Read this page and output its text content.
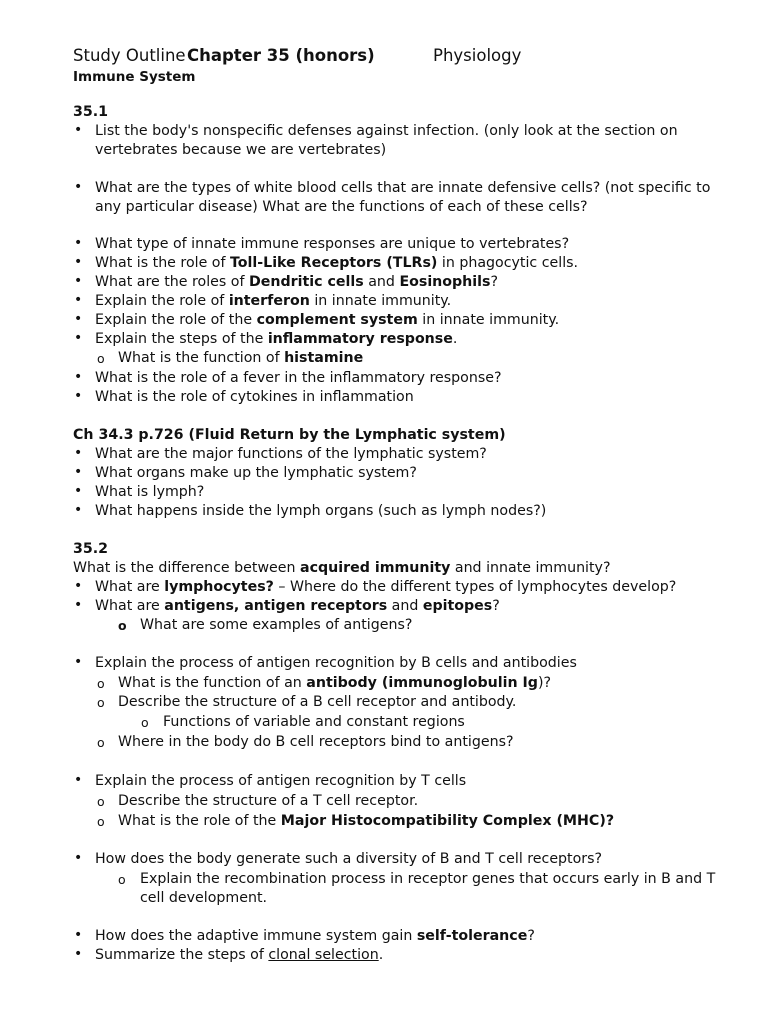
Study Outline Chapter 35 (honors)	Physiology
Immune System
35.1
• List the body's nonspecific defenses against infection. (only look at the section on
vertebrates because we are vertebrates)
• What are the types of white blood cells that are innate defensive cells? (not specific to
any particular disease) What are the functions of each of these cells?
• What type of innate immune responses are unique to vertebrates?
• What is the role of Toll-Like Receptors (TLRs) in phagocytic cells.
• What are the roles of Dendritic cells and Eosinophils?
• Explain the role of interferon in innate immunity.
• Explain the role of the complement system in innate immunity.
• Explain the steps of the inflammatory response.
o What is the function of histamine
• What is the role of a fever in the inflammatory response?
• What is the role of cytokines in inflammation
Ch 34.3 p.726 (Fluid Return by the Lymphatic system)
• What are the major functions of the lymphatic system?
• What organs make up the lymphatic system?
• What is lymph?
• What happens inside the lymph organs (such as lymph nodes?)
35.2
What is the difference between acquired immunity and innate immunity?
• What are lymphocytes? – Where do the different types of lymphocytes develop?
• What are antigens, antigen receptors and epitopes?
o What are some examples of antigens?
• Explain the process of antigen recognition by B cells and antibodies
o What is the function of an antibody (immunoglobulin Ig)?
o Describe the structure of a B cell receptor and antibody.
o Functions of variable and constant regions
o Where in the body do B cell receptors bind to antigens?
• Explain the process of antigen recognition by T cells
o Describe the structure of a T cell receptor.
o What is the role of the Major Histocompatibility Complex (MHC)?
• How does the body generate such a diversity of B and T cell receptors?
o Explain the recombination process in receptor genes that occurs early in B and T
cell development.
• How does the adaptive immune system gain self-tolerance?
• Summarize the steps of clonal selection.
